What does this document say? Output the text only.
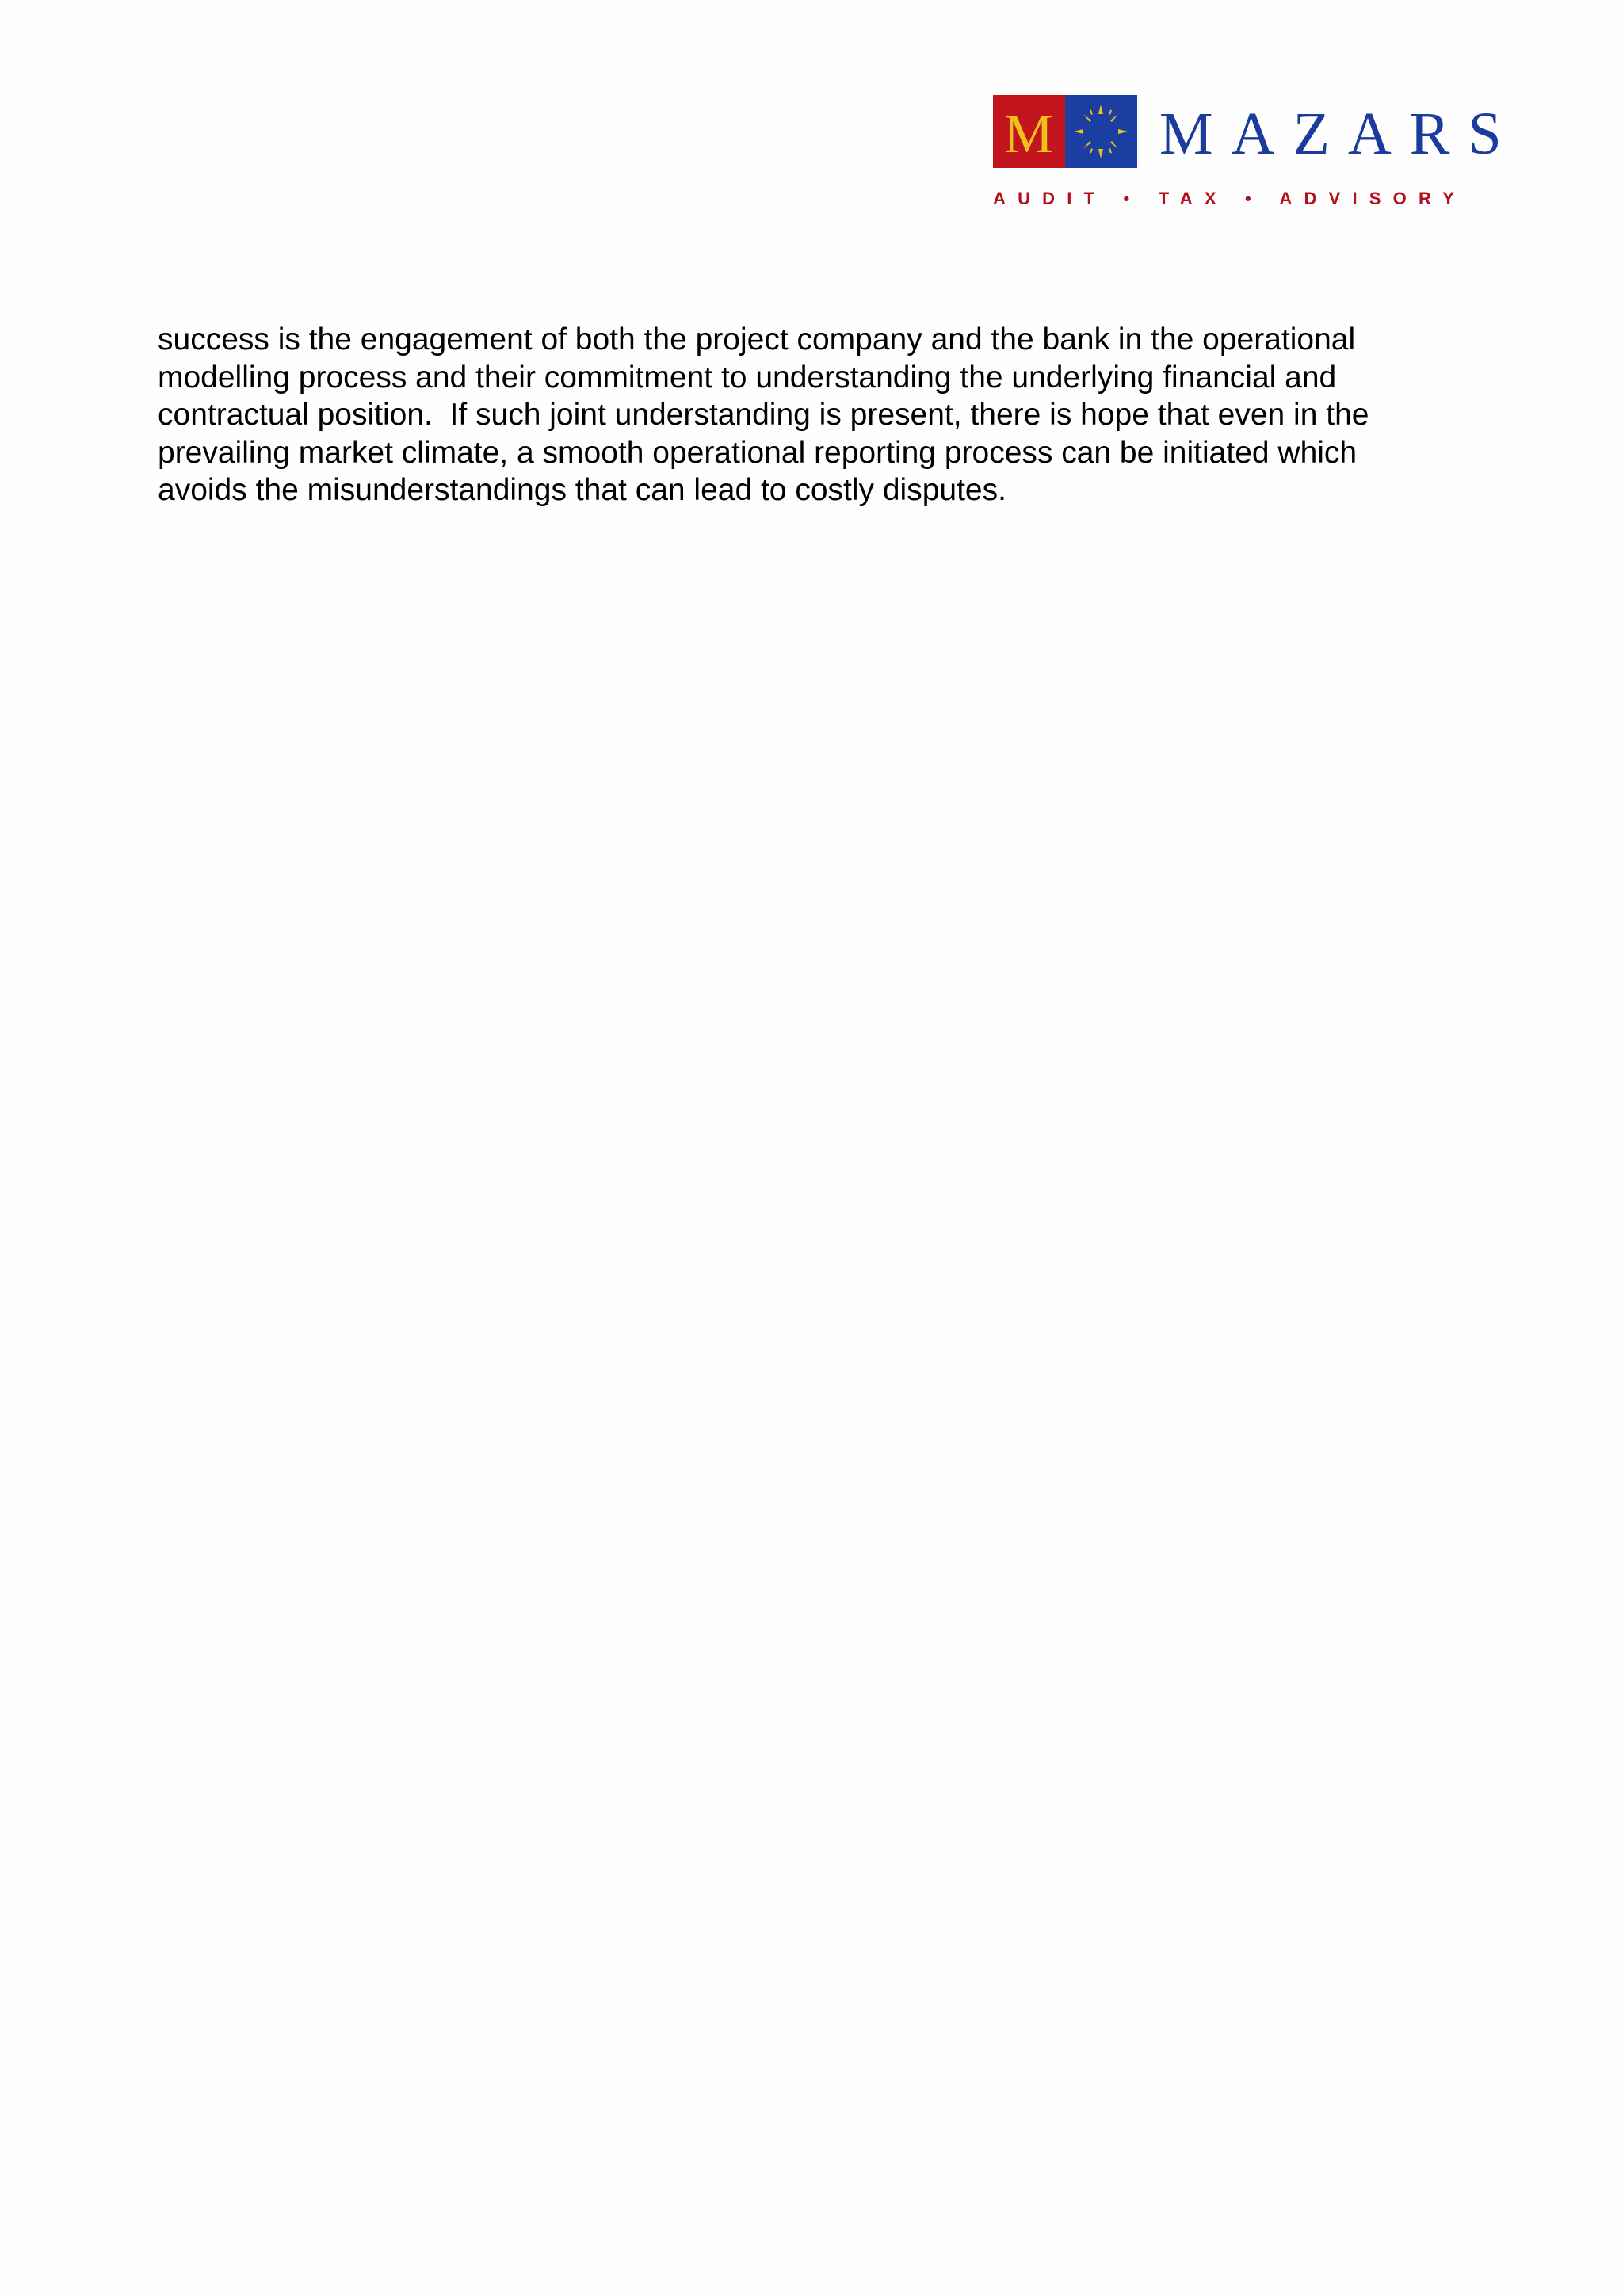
M MAZARS
AUDIT • TAX • ADVISORY

success is the engagement of both the project company and the bank in the operational
modelling process and their commitment to understanding the underlying financial and
contractual position.  If such joint understanding is present, there is hope that even in the
prevailing market climate, a smooth operational reporting process can be initiated which
avoids the misunderstandings that can lead to costly disputes.
